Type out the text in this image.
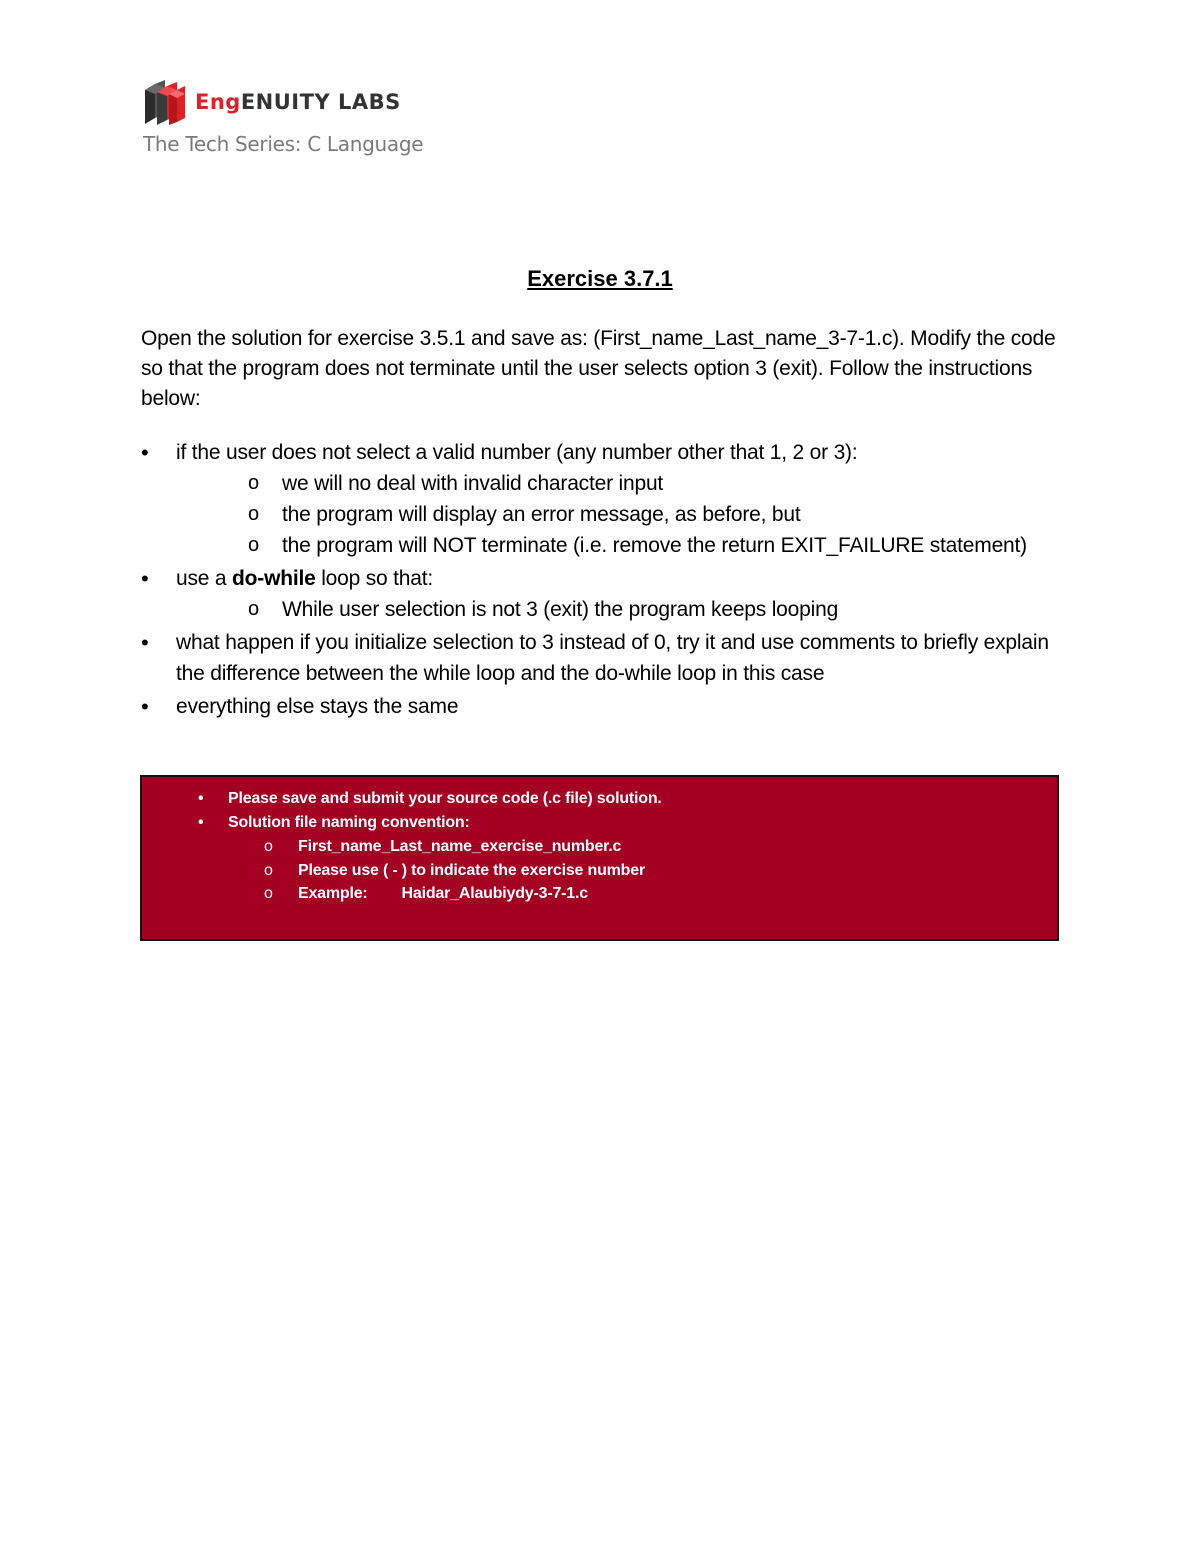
EngENUITY LABS
The Tech Series: C Language
Exercise 3.7.1
Open the solution for exercise 3.5.1 and save as: (First_name_Last_name_3-7-1.c). Modify the code so that the program does not terminate until the user selects option 3 (exit). Follow the instructions below:
• if the user does not select a valid number (any number other that 1, 2 or 3):
o we will no deal with invalid character input
o the program will display an error message, as before, but
o the program will NOT terminate (i.e. remove the return EXIT_FAILURE statement)
• use a do-while loop so that:
o While user selection is not 3 (exit) the program keeps looping
• what happen if you initialize selection to 3 instead of 0, try it and use comments to briefly explain the difference between the while loop and the do-while loop in this case
• everything else stays the same
• Please save and submit your source code (.c file) solution.
• Solution file naming convention:
o First_name_Last_name_exercise_number.c
o Please use ( - ) to indicate the exercise number
o Example: Haidar_Alaubiydy-3-7-1.c
